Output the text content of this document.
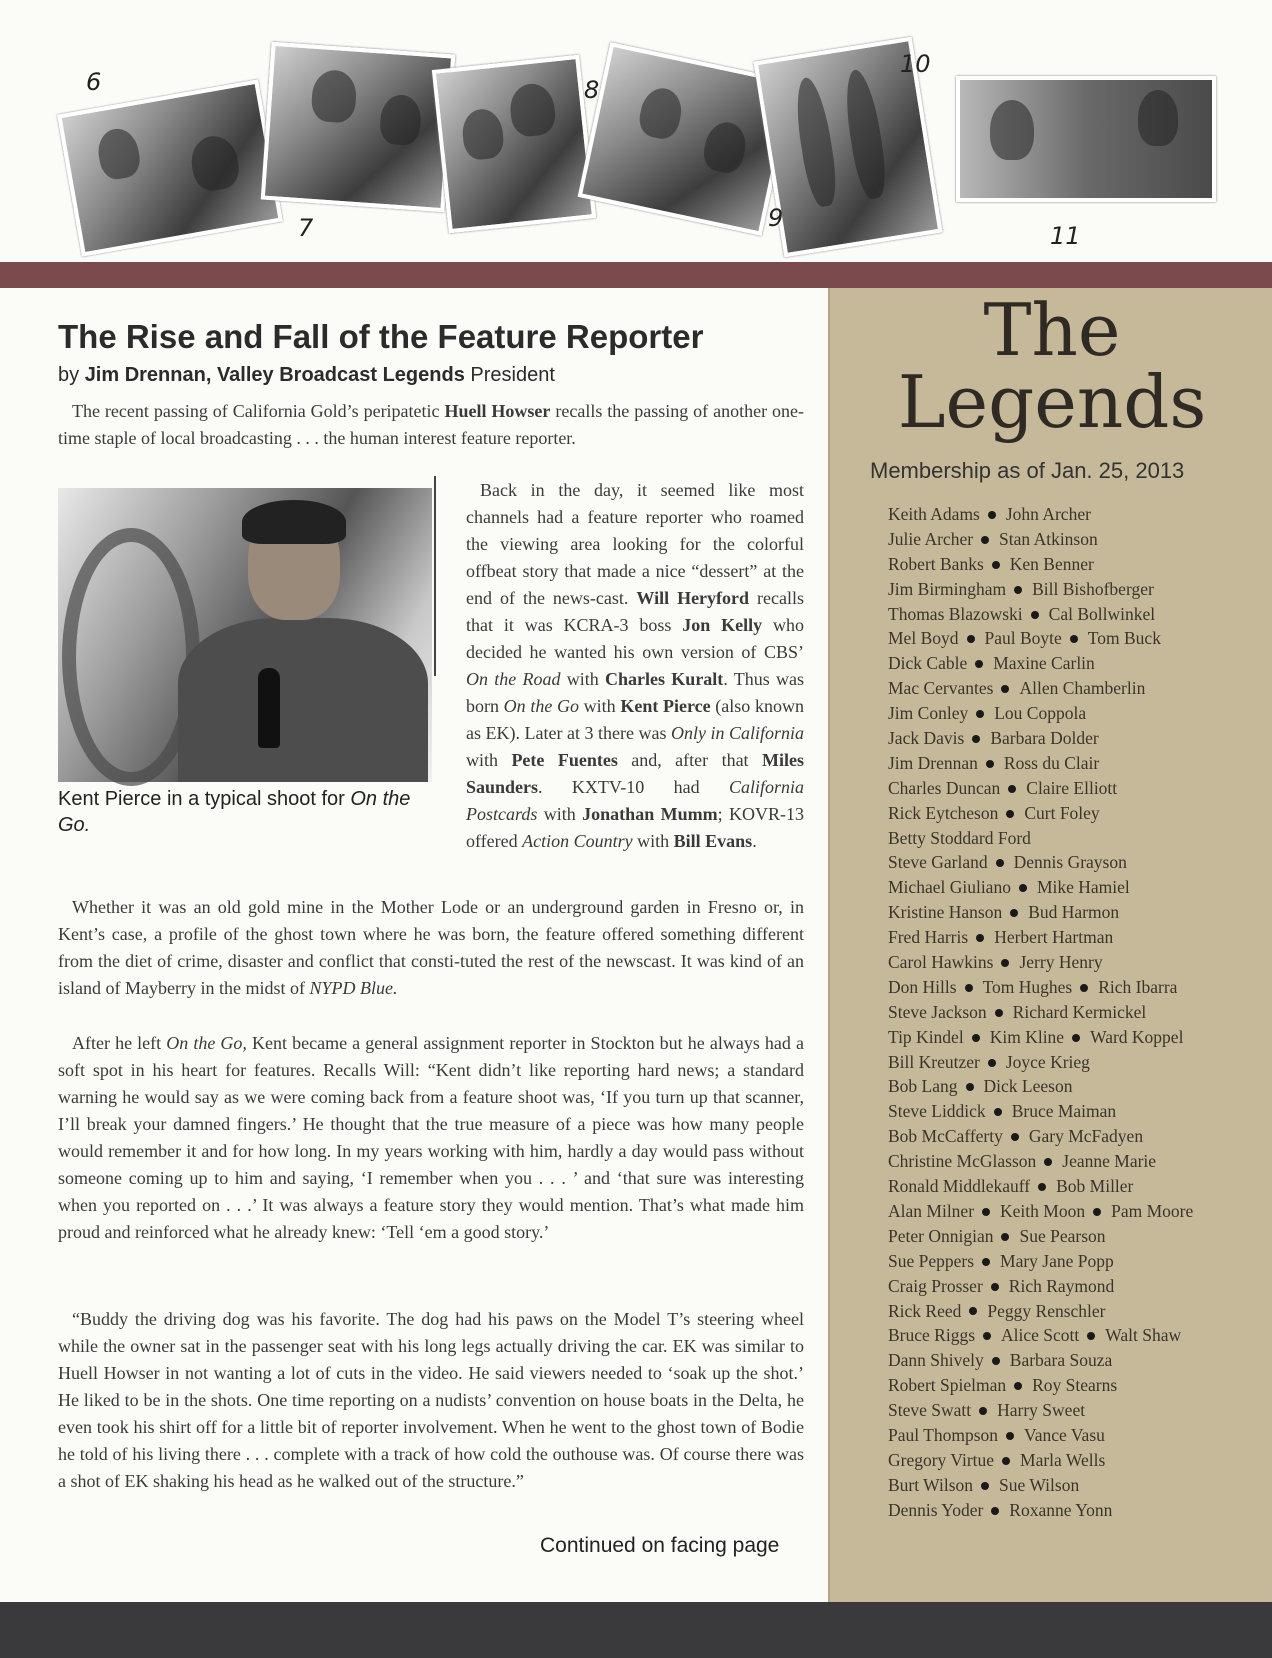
6
7
8
9
10
11
The Rise and Fall of the Feature Reporter
by Jim Drennan, Valley Broadcast Legends President

The recent passing of California Gold’s peripatetic Huell Howser recalls the passing of another one-time staple of local broadcasting . . . the human interest feature reporter.

Kent Pierce in a typical shoot for On the Go.

Back in the day, it seemed like most channels had a feature reporter who roamed the viewing area looking for the colorful offbeat story that made a nice “dessert” at the end of the news-cast. Will Heryford recalls that it was KCRA-3 boss Jon Kelly who decided he wanted his own version of CBS’ On the Road with Charles Kuralt. Thus was born On the Go with Kent Pierce (also known as EK). Later at 3 there was Only in California with Pete Fuentes and, after that Miles Saunders. KXTV-10 had California Postcards with Jonathan Mumm; KOVR-13 offered Action Country with Bill Evans.

Whether it was an old gold mine in the Mother Lode or an underground garden in Fresno or, in Kent’s case, a profile of the ghost town where he was born, the feature offered something different from the diet of crime, disaster and conflict that consti-tuted the rest of the newscast. It was kind of an island of Mayberry in the midst of NYPD Blue.

After he left On the Go, Kent became a general assignment reporter in Stockton but he always had a soft spot in his heart for features. Recalls Will: “Kent didn’t like reporting hard news; a standard warning he would say as we were coming back from a feature shoot was, ‘If you turn up that scanner, I’ll break your damned fingers.’ He thought that the true measure of a piece was how many people would remember it and for how long. In my years working with him, hardly a day would pass without someone coming up to him and saying, ‘I remember when you . . . ’ and ‘that sure was interesting when you reported on . . .’ It was always a feature story they would mention. That’s what made him proud and reinforced what he already knew: ‘Tell ‘em a good story.’

“Buddy the driving dog was his favorite. The dog had his paws on the Model T’s steering wheel while the owner sat in the passenger seat with his long legs actually driving the car. EK was similar to Huell Howser in not wanting a lot of cuts in the video. He said viewers needed to ‘soak up the shot.’ He liked to be in the shots. One time reporting on a nudists’ convention on house boats in the Delta, he even took his shirt off for a little bit of reporter involvement. When he went to the ghost town of Bodie he told of his living there . . . complete with a track of how cold the outhouse was. Of course there was a shot of EK shaking his head as he walked out of the structure.”

Continued on facing page
The
Legends
Membership as of Jan. 25, 2013
Keith Adams John Archer
Julie Archer Stan Atkinson
Robert Banks Ken Benner
Jim Birmingham Bill Bishofberger
Thomas Blazowski Cal Bollwinkel
Mel Boyd Paul Boyte Tom Buck
Dick Cable Maxine Carlin
Mac Cervantes Allen Chamberlin
Jim Conley Lou Coppola
Jack Davis Barbara Dolder
Jim Drennan Ross du Clair
Charles Duncan Claire Elliott
Rick Eytcheson Curt Foley
Betty Stoddard Ford
Steve Garland Dennis Grayson
Michael Giuliano Mike Hamiel
Kristine Hanson Bud Harmon
Fred Harris Herbert Hartman
Carol Hawkins Jerry Henry
Don Hills Tom Hughes Rich Ibarra
Steve Jackson Richard Kermickel
Tip Kindel Kim Kline Ward Koppel
Bill Kreutzer Joyce Krieg
Bob Lang Dick Leeson
Steve Liddick Bruce Maiman
Bob McCafferty Gary McFadyen
Christine McGlasson Jeanne Marie
Ronald Middlekauff Bob Miller
Alan Milner Keith Moon Pam Moore
Peter Onnigian Sue Pearson
Sue Peppers Mary Jane Popp
Craig Prosser Rich Raymond
Rick Reed Peggy Renschler
Bruce Riggs Alice Scott Walt Shaw
Dann Shively Barbara Souza
Robert Spielman Roy Stearns
Steve Swatt Harry Sweet
Paul Thompson Vance Vasu
Gregory Virtue Marla Wells
Burt Wilson Sue Wilson
Dennis Yoder Roxanne Yonn
